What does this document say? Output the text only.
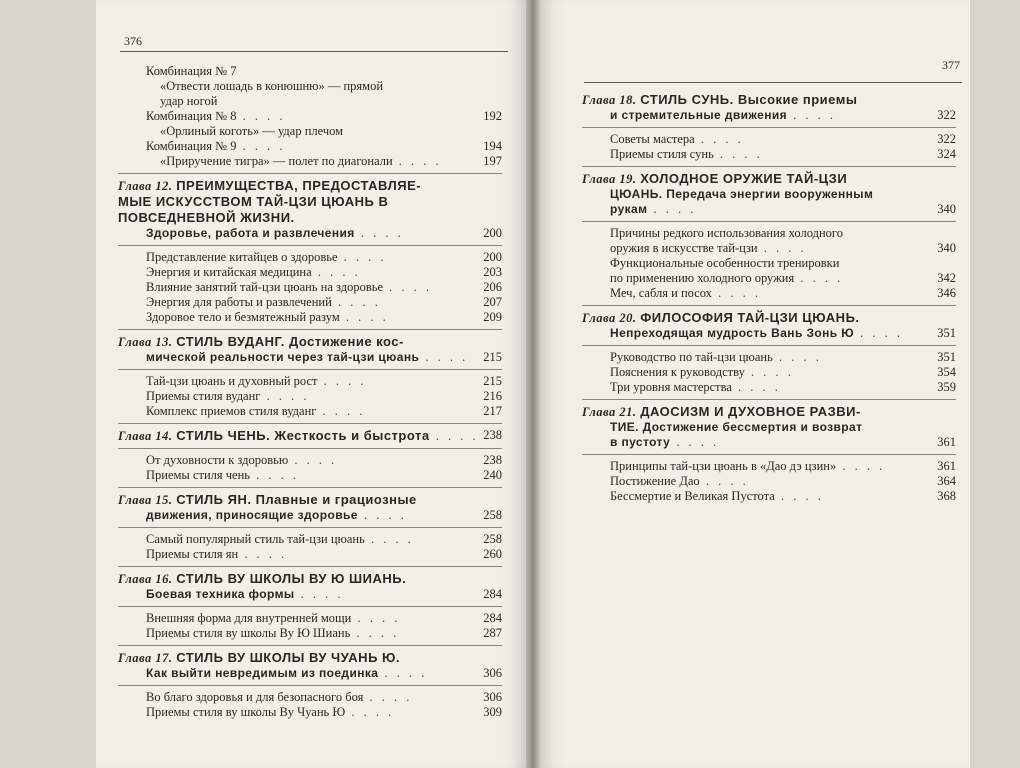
376
377
Комбинация № 7
«Отвести лошадь в конюшню» — прямой
удар ногой
Комбинация № 8 . . . .	192
«Орлиный коготь» — удар плечом
Комбинация № 9 . . . .	194
«Приручение тигра» — полет по диагонали . . . .	197
Глава 12. ПРЕИМУЩЕСТВА, ПРЕДОСТАВЛЯЕ-
МЫЕ ИСКУССТВОМ ТАЙ-ЦЗИ ЦЮАНЬ В
ПОВСЕДНЕВНОЙ ЖИЗНИ.
Здоровье, работа и развлечения . . . .	200
Представление китайцев о здоровье . . . .	200
Энергия и китайская медицина . . . .	203
Влияние занятий тай-цзи цюань на здоровье . . . .	206
Энергия для работы и развлечений . . . .	207
Здоровое тело и безмятежный разум . . . .	209
Глава 13. СТИЛЬ ВУДАНГ. Достижение кос-
мической реальности через тай-цзи цюань . . . . 215
Тай-цзи цюань и духовный рост . . . .	215
Приемы стиля вуданг . . . .	216
Комплекс приемов стиля вуданг . . . .	217
Глава 14. СТИЛЬ ЧЕНЬ. Жесткость и быстрота . . . . 238
От духовности к здоровью . . . .	238
Приемы стиля чень . . . .	240
Глава 15. СТИЛЬ ЯН. Плавные и грациозные
движения, приносящие здоровье . . . .	258
Самый популярный стиль тай-цзи цюань . . . .	258
Приемы стиля ян . . . .	260
Глава 16. СТИЛЬ ВУ ШКОЛЫ ВУ Ю ШИАНЬ.
Боевая техника формы . . . .	284
Внешняя форма для внутренней мощи . . . .	284
Приемы стиля ву школы Ву Ю Шиань . . . .	287
Глава 17. СТИЛЬ ВУ ШКОЛЫ ВУ ЧУАНЬ Ю.
Как выйти невредимым из поединка . . . .	306
Во благо здоровья и для безопасного боя . . . .	306
Приемы стиля ву школы Ву Чуань Ю . . . .	309
Глава 18. СТИЛЬ СУНЬ. Высокие приемы
и стремительные движения . . . .	322
Советы мастера . . . .	322
Приемы стиля сунь . . . .	324
Глава 19. ХОЛОДНОЕ ОРУЖИЕ ТАЙ-ЦЗИ
ЦЮАНЬ. Передача энергии вооруженным
рукам . . . .	340
Причины редкого использования холодного
оружия в искусстве тай-цзи . . . .	340
Функциональные особенности тренировки
по применению холодного оружия . . . .	342
Меч, сабля и посох . . . .	346
Глава 20. ФИЛОСОФИЯ ТАЙ-ЦЗИ ЦЮАНЬ.
Непреходящая мудрость Вань Зонь Ю . . . .	351
Руководство по тай-цзи цюань . . . .	351
Пояснения к руководству . . . .	354
Три уровня мастерства . . . .	359
Глава 21. ДАОСИЗМ И ДУХОВНОЕ РАЗВИ-
ТИЕ. Достижение бессмертия и возврат
в пустоту . . . .	361
Принципы тай-цзи цюань в «Дао дэ цзин» . . . .	361
Постижение Дао . . . .	364
Бессмертие и Великая Пустота . . . .	368
